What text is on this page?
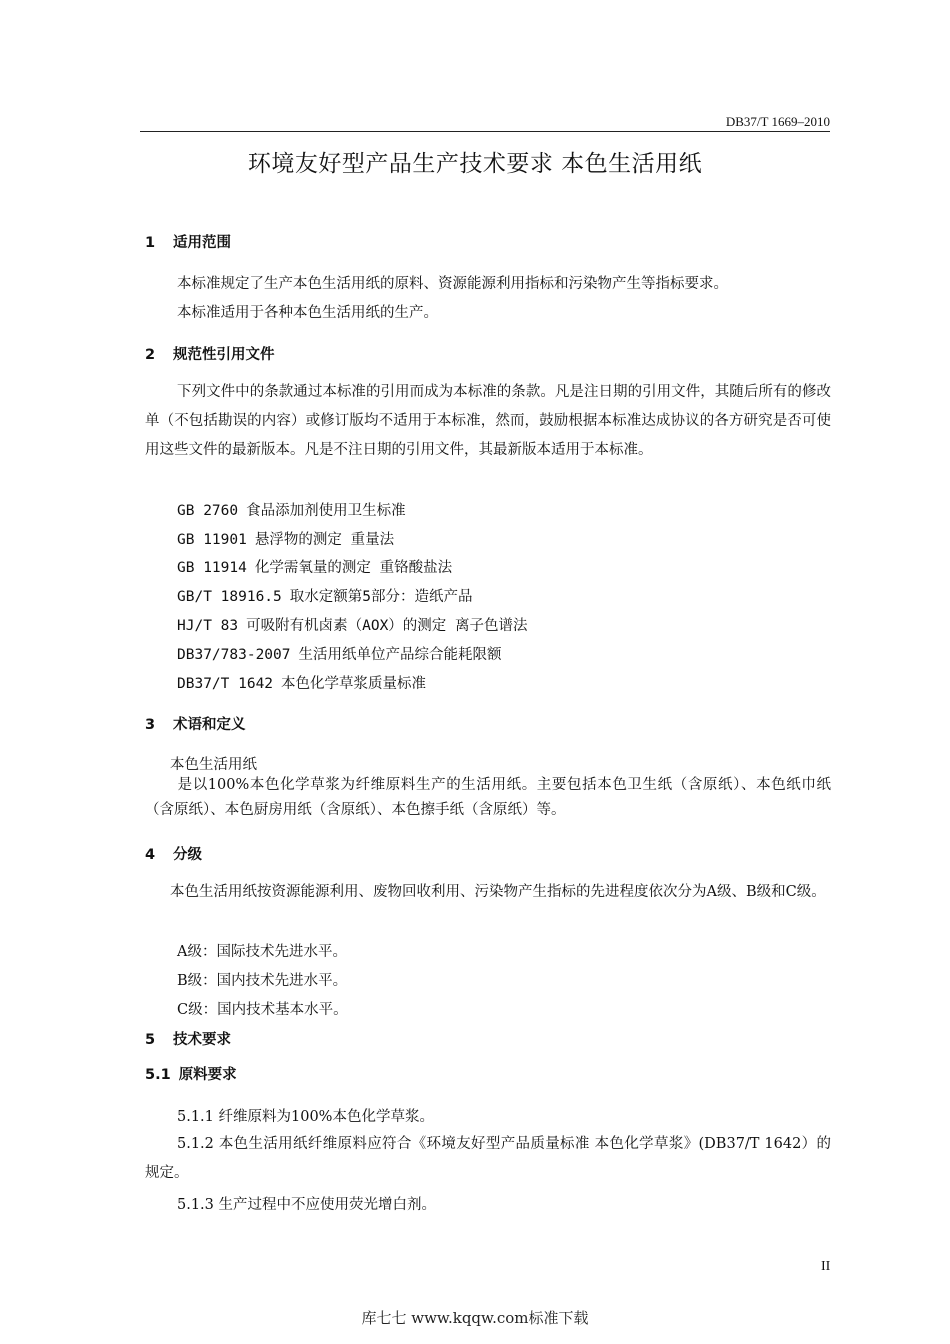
DB37/T 1669–2010
环境友好型产品生产技术要求 本色生活用纸
1 适用范围
本标准规定了生产本色生活用纸的原料、资源能源利用指标和污染物产生等指标要求。
本标准适用于各种本色生活用纸的生产。
2 规范性引用文件
下列文件中的条款通过本标准的引用而成为本标准的条款。凡是注日期的引用文件，其随后所有的修改单（不包括勘误的内容）或修订版均不适用于本标准，然而，鼓励根据本标准达成协议的各方研究是否可使用这些文件的最新版本。凡是不注日期的引用文件，其最新版本适用于本标准。
GB 2760 食品添加剂使用卫生标准
GB 11901 悬浮物的测定 重量法
GB 11914 化学需氧量的测定 重铬酸盐法
GB/T 18916.5 取水定额第5部分：造纸产品
HJ/T 83 可吸附有机卤素（AOX）的测定 离子色谱法
DB37/783-2007 生活用纸单位产品综合能耗限额
DB37/T 1642 本色化学草浆质量标准
3 术语和定义
本色生活用纸
是以100%本色化学草浆为纤维原料生产的生活用纸。主要包括本色卫生纸（含原纸）、本色纸巾纸（含原纸）、本色厨房用纸（含原纸）、本色擦手纸（含原纸）等。
4 分级
本色生活用纸按资源能源利用、废物回收利用、污染物产生指标的先进程度依次分为A级、B级和C级。
A级：国际技术先进水平。
B级：国内技术先进水平。
C级：国内技术基本水平。
5 技术要求
5.1 原料要求
5.1.1 纤维原料为100%本色化学草浆。
5.1.2 本色生活用纸纤维原料应符合《环境友好型产品质量标准 本色化学草浆》(DB37/T 1642）的规定。
5.1.3 生产过程中不应使用荧光增白剂。
II
库七七 www.kqqw.com标准下载
